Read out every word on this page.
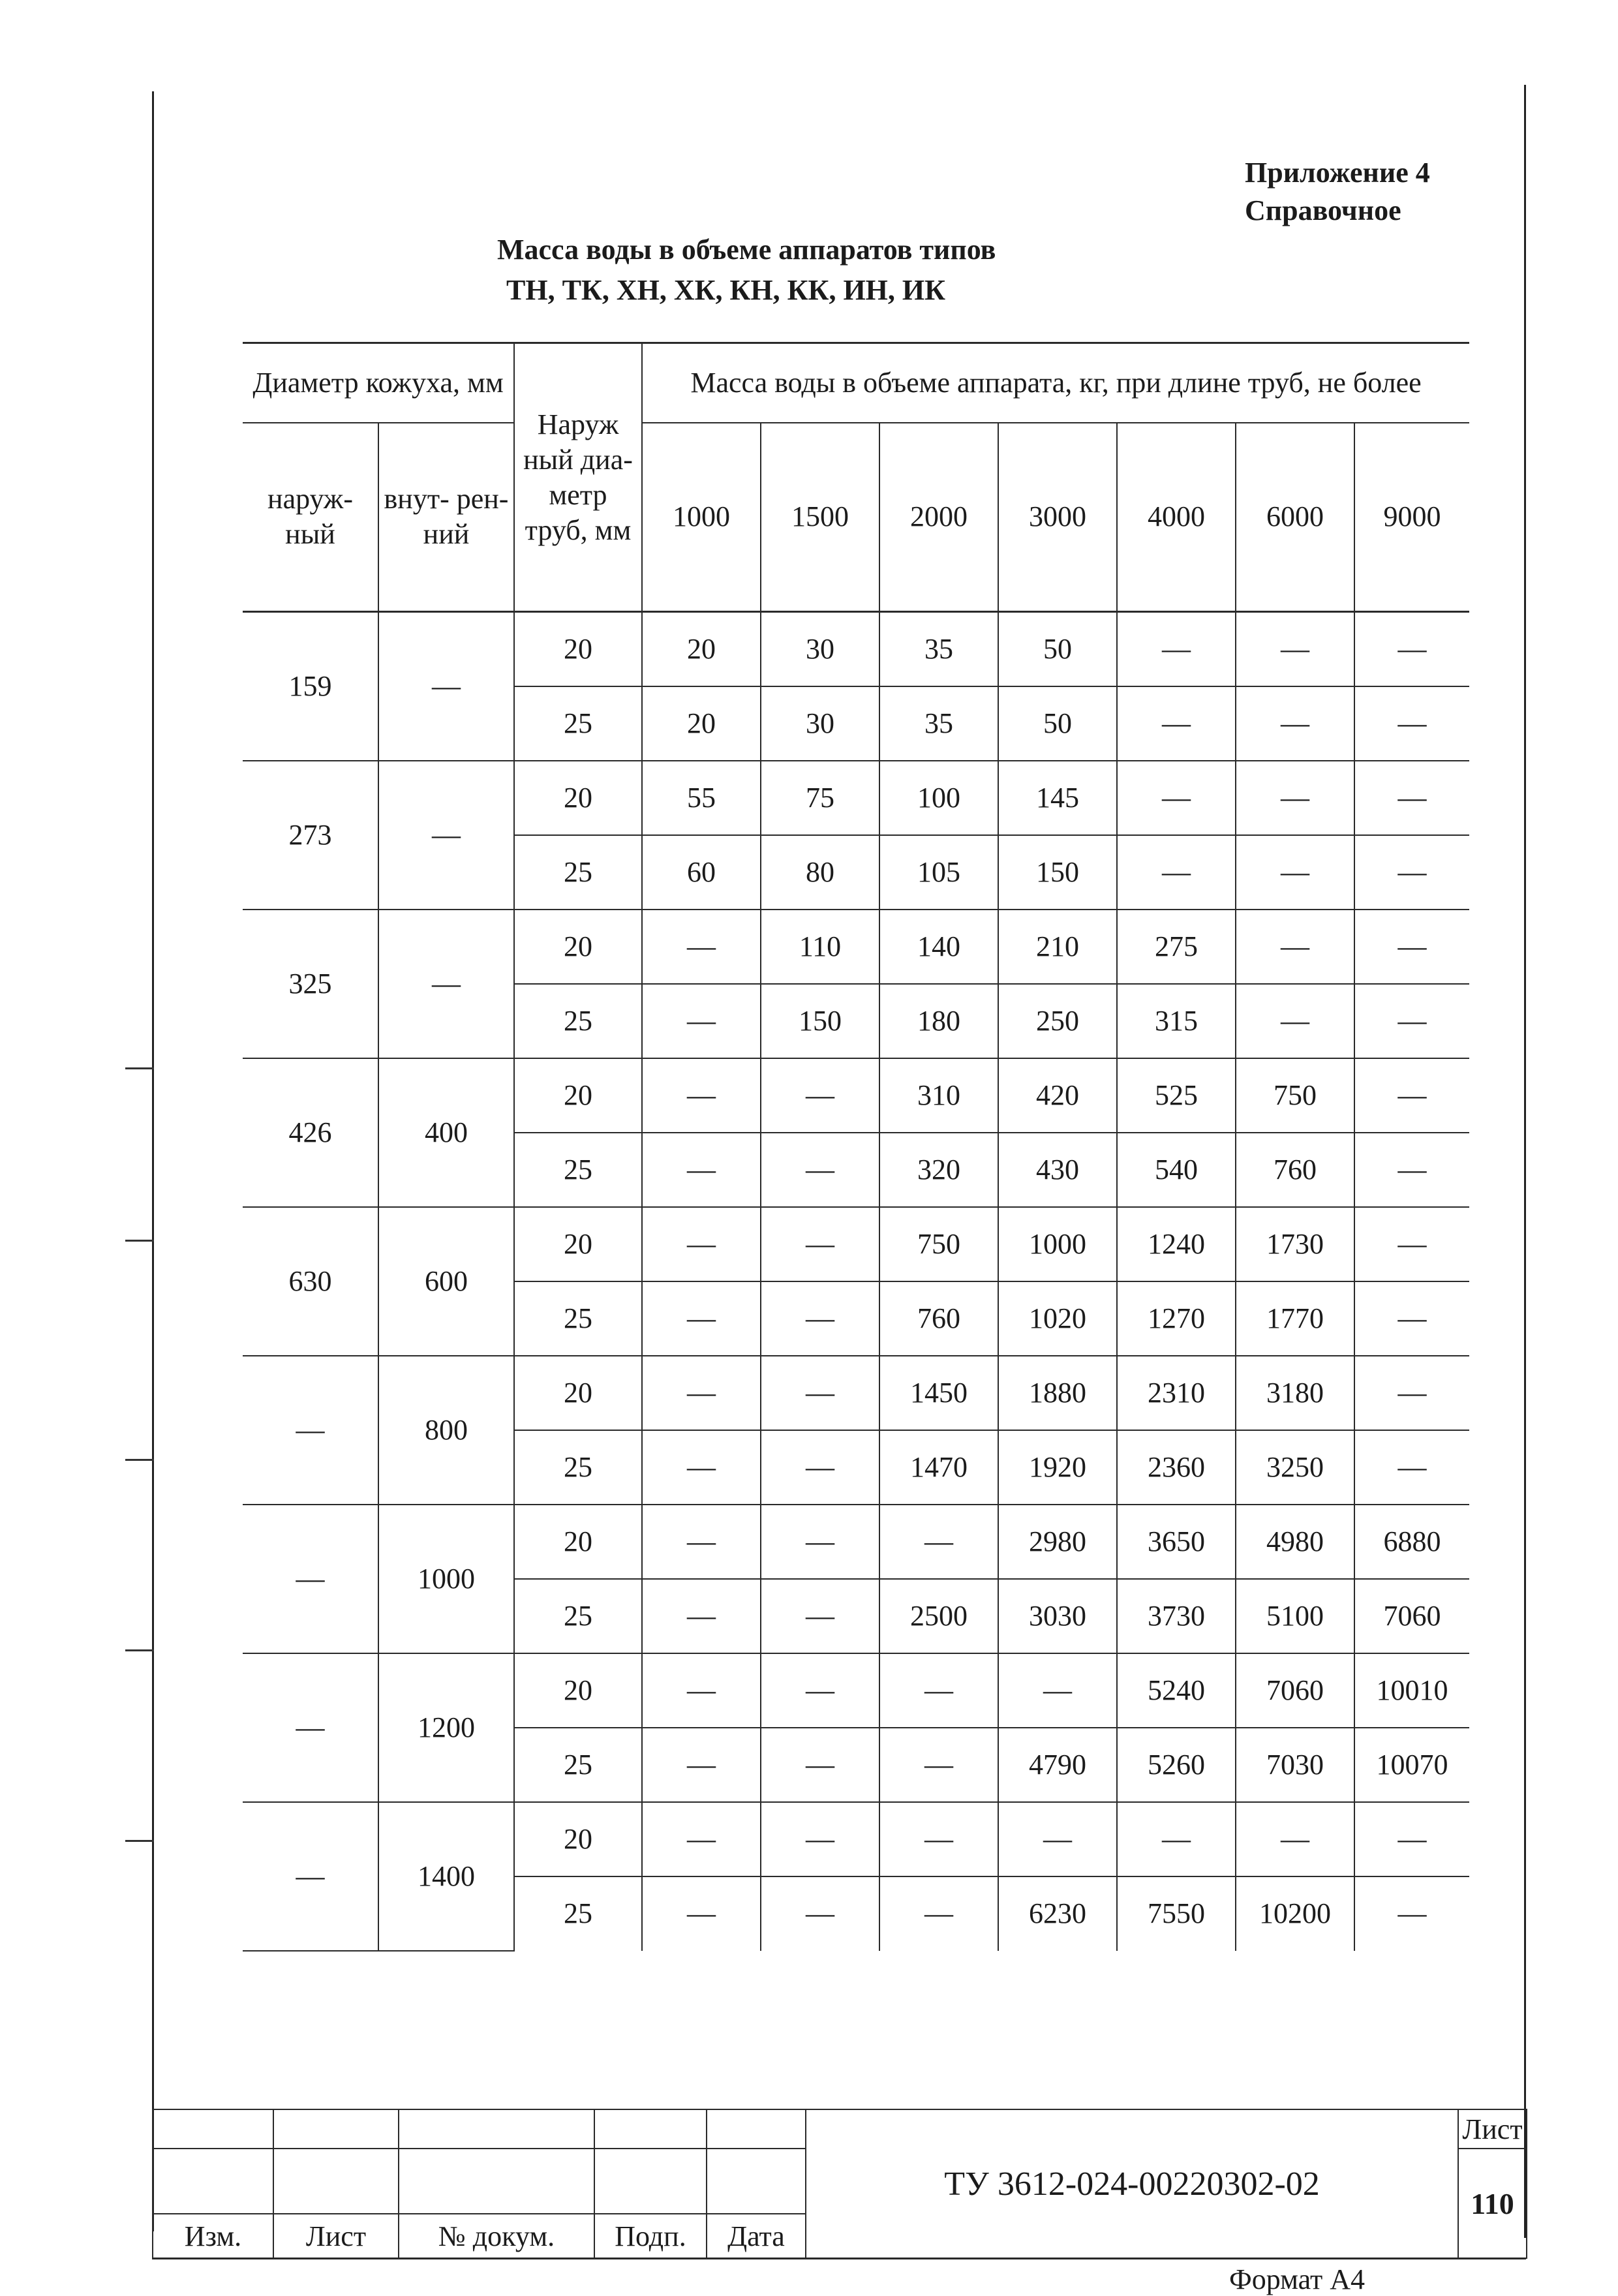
Приложение 4
Справочное
Масса воды в объеме аппаратов типов
ТН, ТК, ХН, ХК, КН, КК, ИН, ИК
Диаметр кожуха, мм		Наруж ный диа- метр труб, мм	Масса воды в объеме аппарата, кг, при длине труб, не более						
наруж- ный	внут- рен- ний		1000	1500	2000	3000	4000	6000	9000
159	—	20	20	30	35	50	—	—	—
		25	20	30	35	50	—	—	—
273	—	20	55	75	100	145	—	—	—
		25	60	80	105	150	—	—	—
325	—	20	—	110	140	210	275	—	—
		25	—	150	180	250	315	—	—
426	400	20	—	—	310	420	525	750	—
		25	—	—	320	430	540	760	—
630	600	20	—	—	750	1000	1240	1730	—
		25	—	—	760	1020	1270	1770	—
—	800	20	—	—	1450	1880	2310	3180	—
		25	—	—	1470	1920	2360	3250	—
—	1000	20	—	—	—	2980	3650	4980	6880
		25	—	—	2500	3030	3730	5100	7060
—	1200	20	—	—	—	—	5240	7060	10010
		25	—	—	—	4790	5260	7030	10070
—	1400	20	—	—	—	—	—	—	—
		25	—	—	—	6230	7550	10200	—
					ТУ 3612-024-00220302-02	Лист
						110
Изм.	Лист	№ докум.	Подп.	Дата		
Формат А4
